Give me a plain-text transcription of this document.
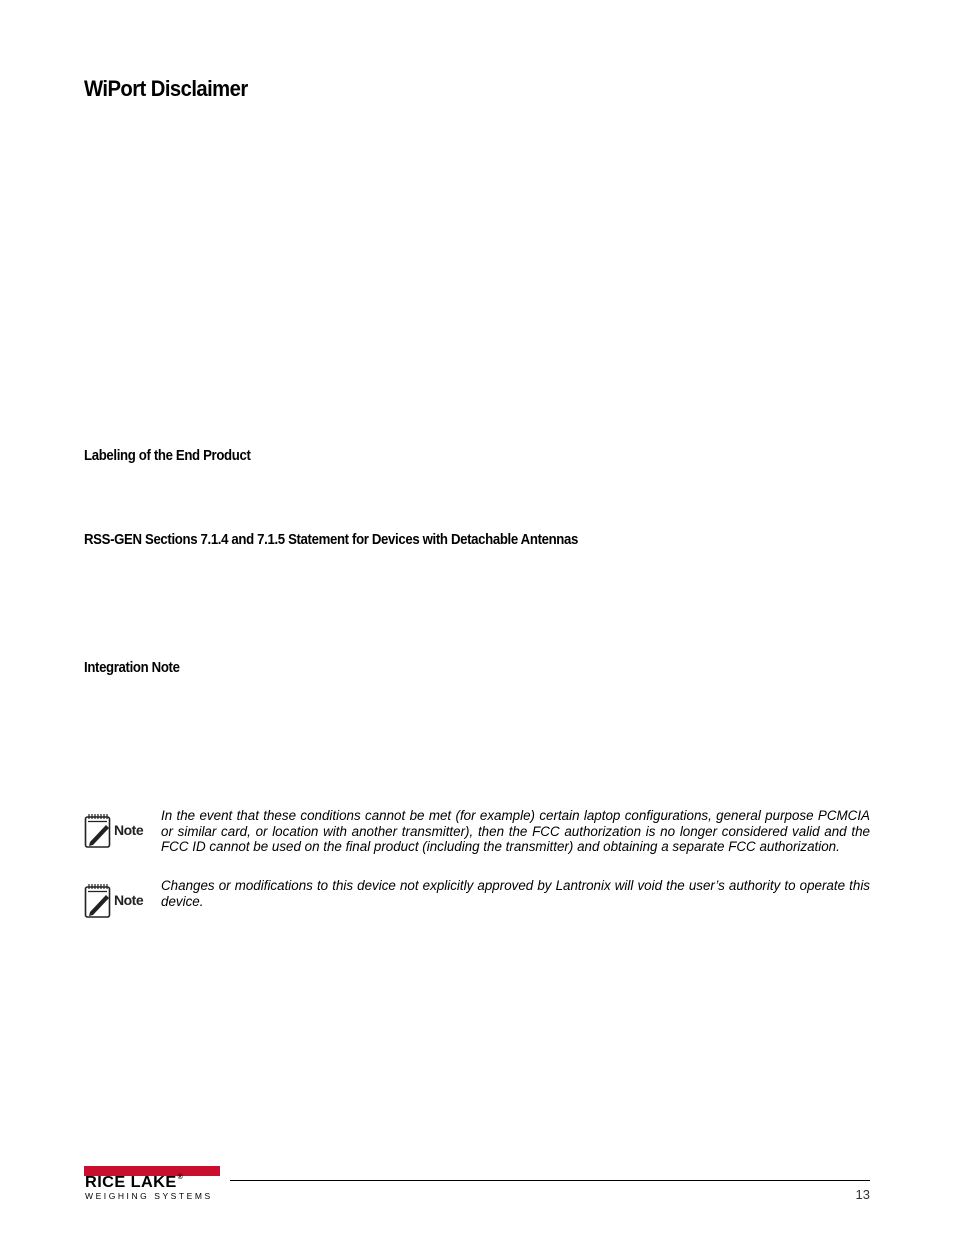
WiPort Disclaimer
Labeling of the End Product
RSS-GEN Sections 7.1.4 and 7.1.5 Statement for Devices with Detachable Antennas
Integration Note
Note

In the event that these conditions cannot be met (for example) certain laptop configurations, general purpose PCMCIA or similar card, or location with another transmitter), then the FCC authorization is no longer considered valid and the FCC ID cannot be used on the final product (including the transmitter) and obtaining a separate FCC authorization.

Note

Changes or modifications to this device not explicitly approved by Lantronix will void the user’s authority to operate this device.

RICE LAKE®
WEIGHING SYSTEMS	13
